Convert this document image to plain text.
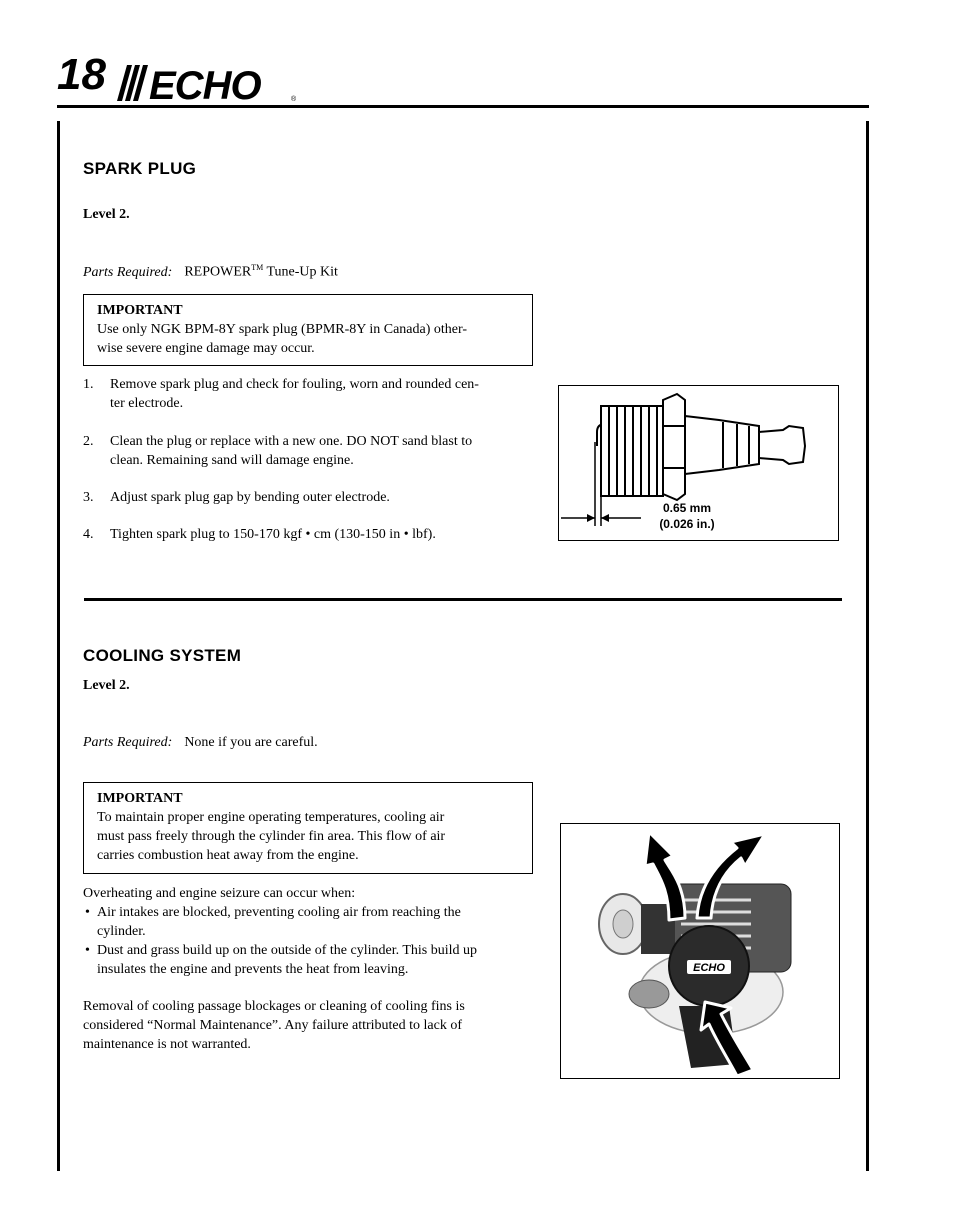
18 ECHO	®
SPARK PLUG
Level 2.
Parts Required: REPOWER™ Tune-Up Kit
IMPORTANT
Use only NGK BPM-8Y spark plug (BPMR-8Y in Canada) other-
wise severe engine damage may occur.
1. Remove spark plug and check for fouling, worn and rounded cen-
ter electrode.
2. Clean the plug or replace with a new one. DO NOT sand blast to
clean. Remaining sand will damage engine.
3. Adjust spark plug gap by bending outer electrode.
4. Tighten spark plug to 150-170 kgf • cm (130-150 in • lbf).
0.65 mm
(0.026 in.)
COOLING SYSTEM
Level 2.
Parts Required: None if you are careful.
IMPORTANT
To maintain proper engine operating temperatures, cooling air
must pass freely through the cylinder fin area. This flow of air
carries combustion heat away from the engine.
Overheating and engine seizure can occur when:
• Air intakes are blocked, preventing cooling air from reaching the
cylinder.
• Dust and grass build up on the outside of the cylinder. This build up
insulates the engine and prevents the heat from leaving.
Removal of cooling passage blockages or cleaning of cooling fins is
considered “Normal Maintenance”. Any failure attributed to lack of
maintenance is not warranted.
ECHO
